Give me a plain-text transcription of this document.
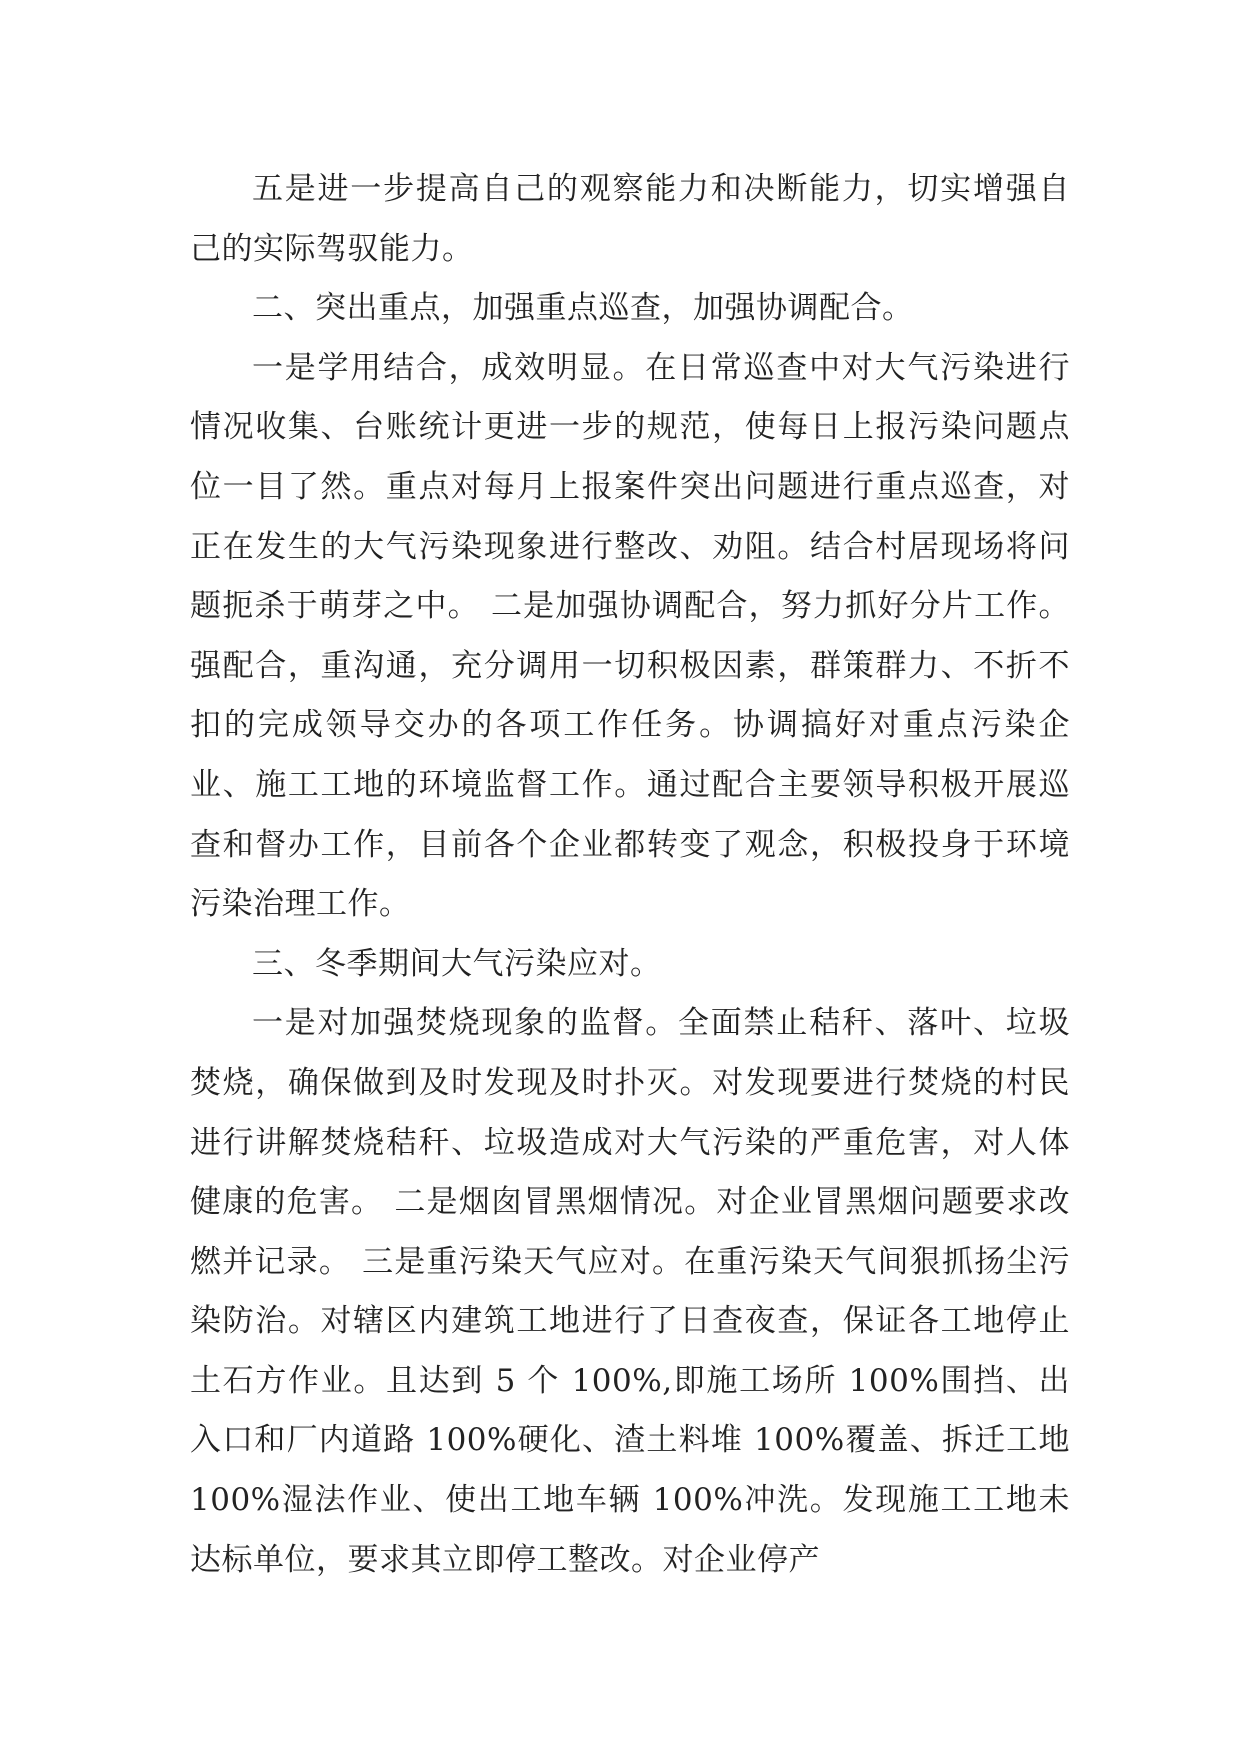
五是进一步提高自己的观察能力和决断能力，切实增强自己的实际驾驭能力。

二、突出重点，加强重点巡查，加强协调配合。

一是学用结合，成效明显。在日常巡查中对大气污染进行情况收集、台账统计更进一步的规范，使每日上报污染问题点位一目了然。重点对每月上报案件突出问题进行重点巡查，对正在发生的大气污染现象进行整改、劝阻。结合村居现场将问题扼杀于萌芽之中。 二是加强协调配合，努力抓好分片工作。强配合，重沟通，充分调用一切积极因素，群策群力、不折不扣的完成领导交办的各项工作任务。协调搞好对重点污染企业、施工工地的环境监督工作。通过配合主要领导积极开展巡查和督办工作，目前各个企业都转变了观念，积极投身于环境污染治理工作。

三、冬季期间大气污染应对。

一是对加强焚烧现象的监督。全面禁止秸秆、落叶、垃圾焚烧，确保做到及时发现及时扑灭。对发现要进行焚烧的村民进行讲解焚烧秸秆、垃圾造成对大气污染的严重危害，对人体健康的危害。 二是烟囱冒黑烟情况。对企业冒黑烟问题要求改燃并记录。 三是重污染天气应对。在重污染天气间狠抓扬尘污染防治。对辖区内建筑工地进行了日查夜查，保证各工地停止土石方作业。且达到 5 个 100%,即施工场所 100%围挡、出入口和厂内道路 100%硬化、渣土料堆 100%覆盖、拆迁工地 100%湿法作业、使出工地车辆 100%冲洗。发现施工工地未达标单位，要求其立即停工整改。对企业停产
